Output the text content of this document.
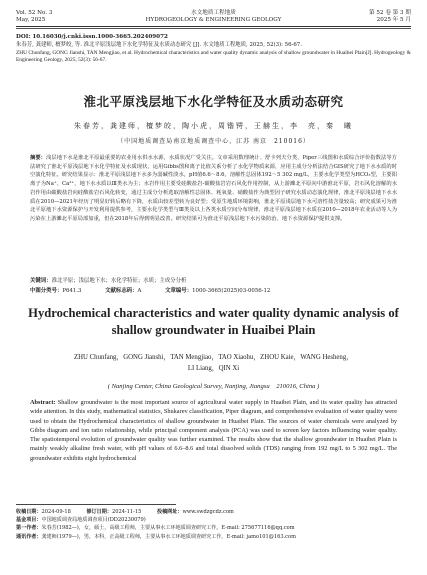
Vol. 52 No. 3
May, 2025
水文地质工程地质
HYDROGEOLOGY & ENGINEERING GEOLOGY
第 52 卷 第 3 期
2025 年 5 月
DOI: 10.16030/j.cnki.issn.1000-3665.202409072
朱春芳, 龚建师, 檀梦皎, 等. 淮北平原浅层地下水化学特征及水质动态研究 [J]. 水文地质工程地质, 2025, 52(3): 56-67.
ZHU Chunfang, GONG Jianshi, TAN Mengjiao, et al. Hydrochemical characteristics and water quality dynamic analysis of shallow groundwater in Huaibei Plain[J]. Hydrogeology & Engineering Geology, 2025, 52(3): 56-67.
淮北平原浅层地下水化学特征及水质动态研究
朱春芳，龚建师，檀梦皎，陶小虎，周锴锷，王赫生，李　亮，秦　曦
（中国地质调查局南京地质调查中心，江苏 南京　210016）
摘要：浅层地下水是淮北平原最重要的农业用水供水水源，水质状况广受关注。文章采用数理统计、舒卡列夫分类、Piper三线图和水质综合评价指数法等方法研究了淮北平原浅层地下水化学特征及水质现状，运用Gibbs图和离子比值关系分析了水化学物质来源，应用主成分分析法结合GIS研究了地下水水质的时空演化特征。研究结果显示：淮北平原浅层地下水多为弱碱性淡水，pH值6.6～8.6，溶解性总固体192～5 302 mg/L，主要水化学类型为HCO₃型，主要阳离子为Na⁺、Ca²⁺，地下水水质以Ⅲ类水为主；水岩作用主要受硅酸盐岩-碳酸盐岩岩石风化作用控制，从上游濉北平原向中游淮北平原，岩石风化溶解的水岩作用由碳酸盐岩向硅酸盐岩石风化转变，通过主成分分析选取溶解性总固体、耗氧量、硝酸盐作为典型因子研究水质动态演化规律，淮北平原浅层地下水水质在2010—2021年经历了明显好转后略有下降，水质由较差型转为良好型；受原生地质环境影响，淮北平原浅层地下水可溶性盐含量较高；研究成果可为淮北平原地下水资源保护与开发利用提供参考，主要水化学类型与Ⅲ类及以上各类水质空间分布规律，淮北平原浅层地下水质在2010—2018年农业活动等人为污染在上游濉北平原局部加重，但在2018年后得到明显改善。研究结果可为淮北平原浅层地下水污染防治、地下水资源保护提供支撑。
关键词：淮北平原；浅层地下水；水化学特征；水质；主成分分析
中图分类号：P641.3	文献标志码：A	文章编号：1000-3665(2025)03-0056-12
Hydrochemical characteristics and water quality dynamic analysis of shallow groundwater in Huaibei Plain
ZHU Chunfang，GONG Jianshi，TAN Mengjiao，TAO Xiaohu，ZHOU Kaie，WANG Hesheng，
LI Liang，QIN Xi
( Nanjing Center, China Geological Survey, Nanjing, Jiangsu　210016, China )
Abstract: Shallow groundwater is the most important source of agricultural water supply in Huaibei Plain, and its water quality has attracted wide attention. In this study, mathematical statistics, Shukarev classification, Piper diagram, and comprehensive evaluation of water quality were used to obtain the Hydrochemical characteristics of shallow groundwater in Huaibei Plain. The sources of water chemicals were analyzed by Gibbs diagram and ion ratio relationship, while principal component analysis (PCA) was used to screen key factors influencing water quality. The spatiotemporal evolution of groundwater quality was further examined. The results show that the shallow groundwater in Huaibei Plain is mainly weakly alkaline fresh water, with pH values of 6.6–8.6 and total dissolved solids (TDS) ranging from 192 mg/L to 5 302 mg/L. The groundwater exhibits eight hydrochemical
收稿日期：2024-09-18	修订日期：2024-11-15	投稿网址：www.swdzgcdz.com
基金项目：中国地质调查局地质调查项目(DD20230079)
第一作者：朱春芳(1982—)，女，硕士，高级工程师，主要从事水工环地质调查研究工作。E-mail: 275677116@qq.com
通讯作者：龚建师(1979—)，男，本科，正高级工程师，主要从事水工环地质调查研究工作。E-mail: jamo101@163.com
